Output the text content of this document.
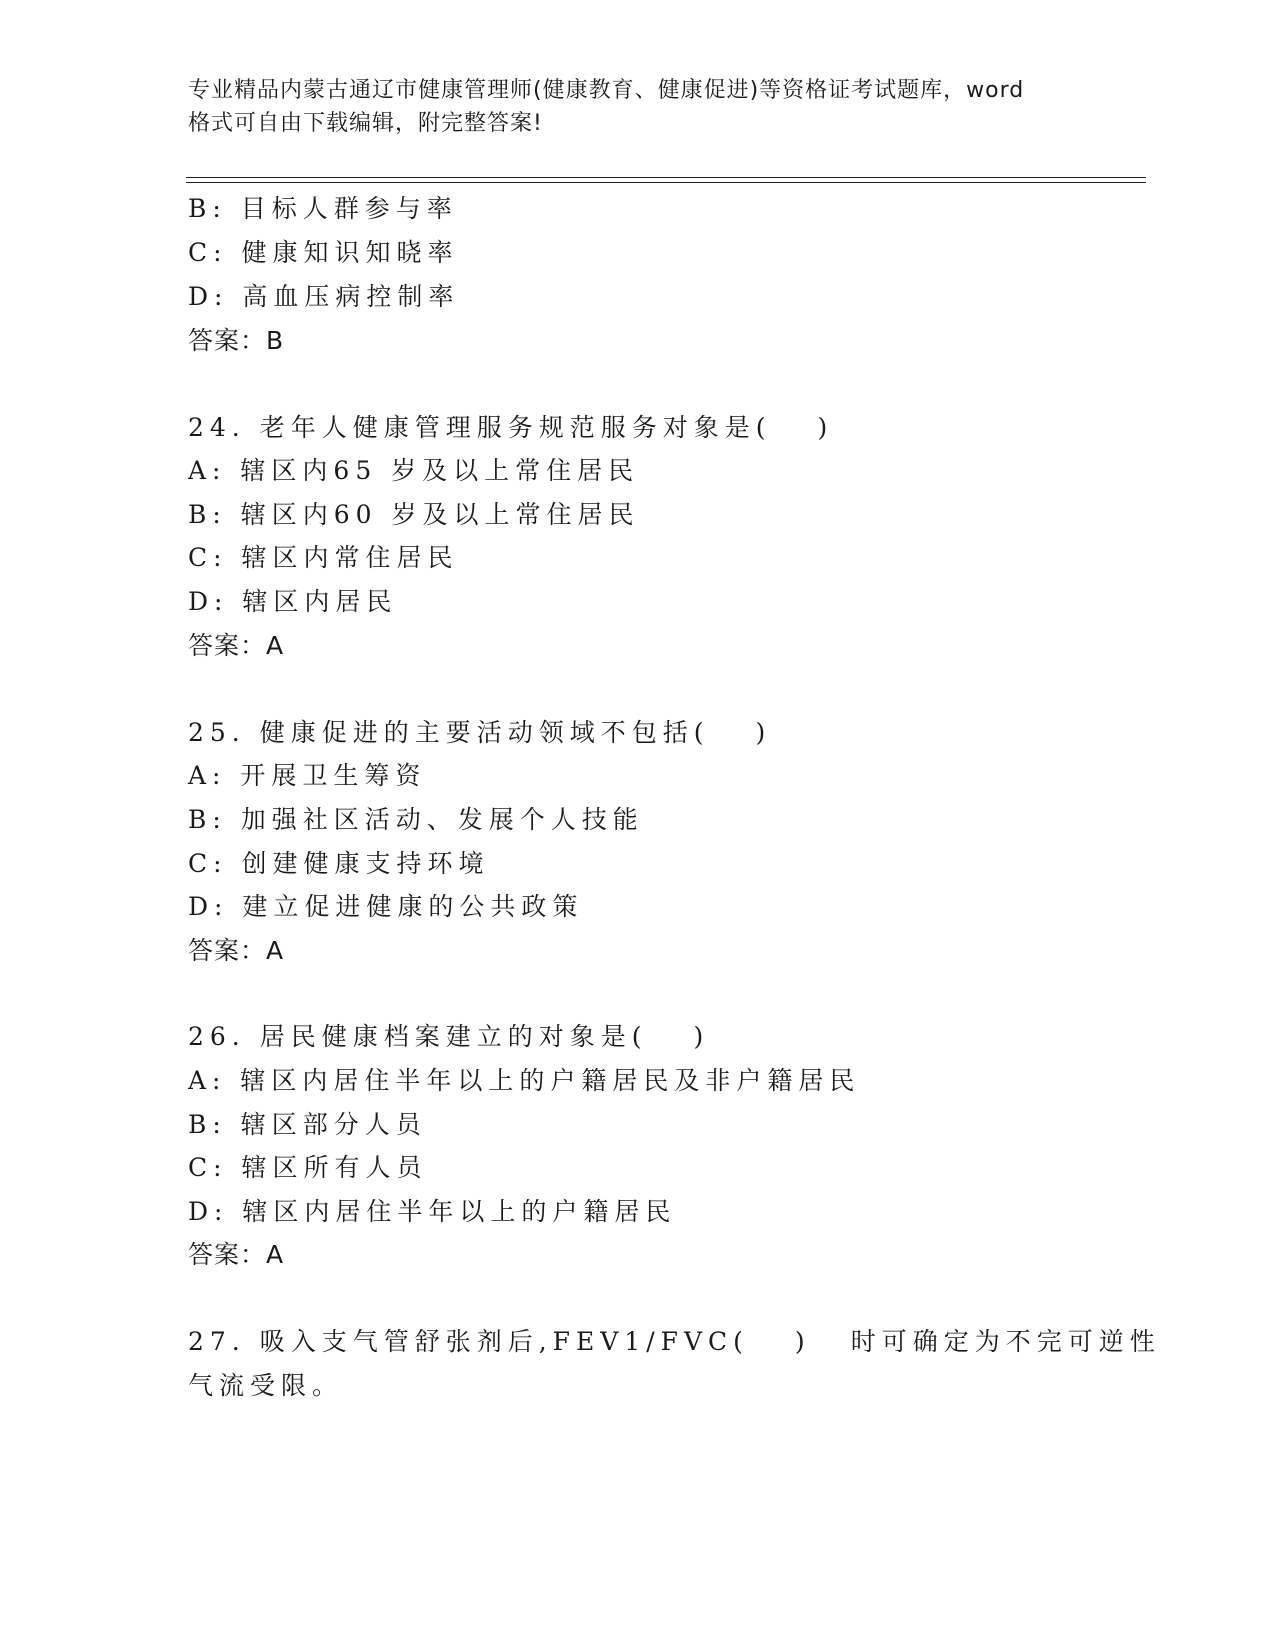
专业精品内蒙古通辽市健康管理师(健康教育、健康促进)等资格证考试题库，word
格式可自由下载编辑，附完整答案!
B: 目标人群参与率
C: 健康知识知晓率
D: 高血压病控制率
答案：B
24. 老年人健康管理服务规范服务对象是( )
A: 辖区内65 岁及以上常住居民
B: 辖区内60 岁及以上常住居民
C: 辖区内常住居民
D: 辖区内居民
答案：A
25. 健康促进的主要活动领域不包括( )
A: 开展卫生筹资
B: 加强社区活动、发展个人技能
C: 创建健康支持环境
D: 建立促进健康的公共政策
答案：A
26. 居民健康档案建立的对象是( )
A: 辖区内居住半年以上的户籍居民及非户籍居民
B: 辖区部分人员
C: 辖区所有人员
D: 辖区内居住半年以上的户籍居民
答案：A
27. 吸入支气管舒张剂后,FEV1/FVC( ) 时可确定为不完可逆性
气流受限。
